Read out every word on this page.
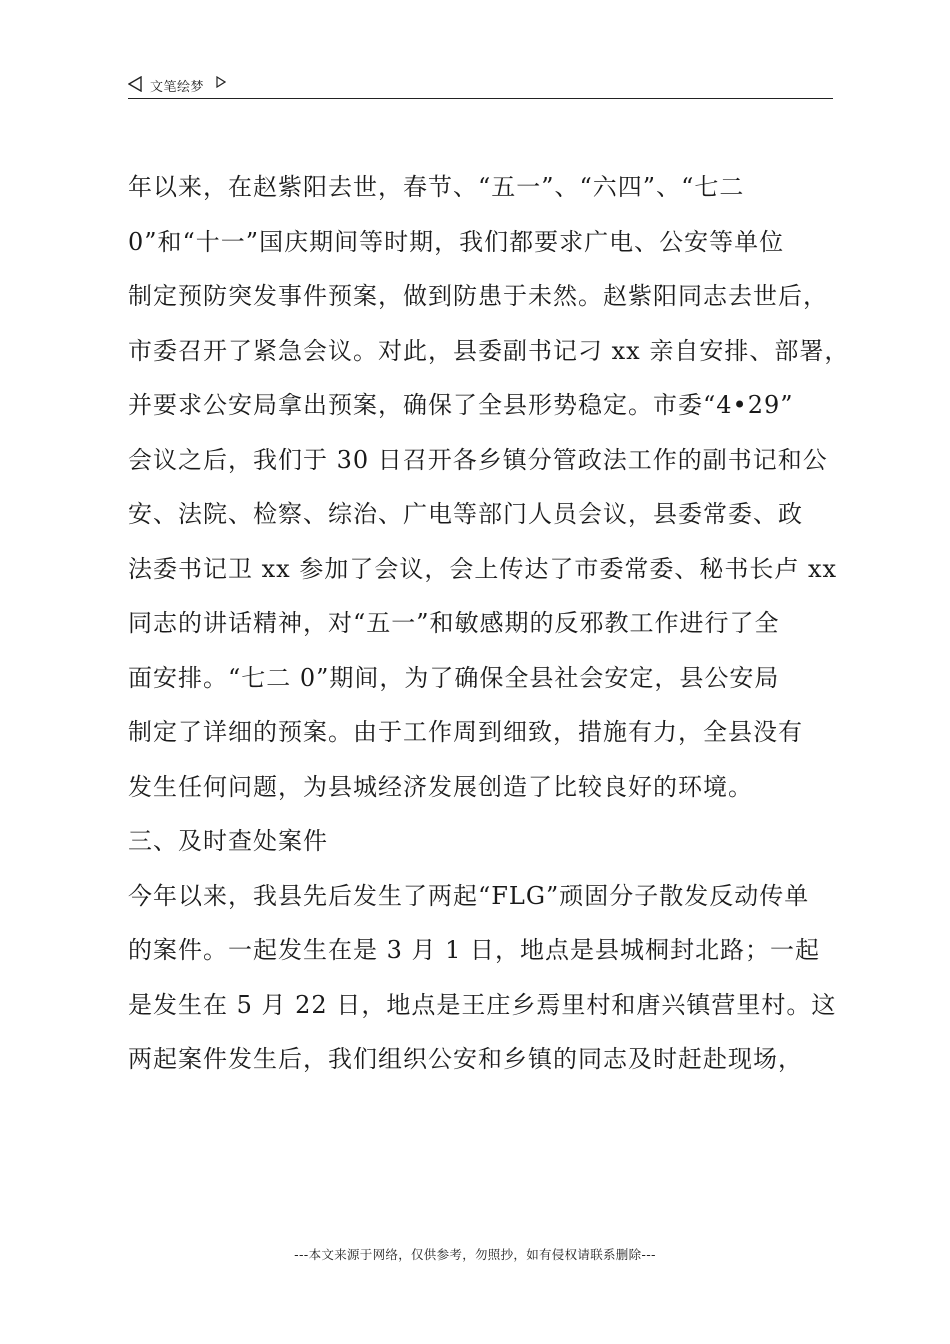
文笔绘梦
年以来，在赵紫阳去世，春节、“五一”、“六四”、“七二
0”和“十一”国庆期间等时期，我们都要求广电、公安等单位
制定预防突发事件预案，做到防患于未然。赵紫阳同志去世后，
市委召开了紧急会议。对此，县委副书记刁 xx 亲自安排、部署，
并要求公安局拿出预案，确保了全县形势稳定。市委“4•29”
会议之后，我们于 30 日召开各乡镇分管政法工作的副书记和公
安、法院、检察、综治、广电等部门人员会议，县委常委、政
法委书记卫 xx 参加了会议，会上传达了市委常委、秘书长卢 xx
同志的讲话精神，对“五一”和敏感期的反邪教工作进行了全
面安排。“七二 0”期间，为了确保全县社会安定，县公安局
制定了详细的预案。由于工作周到细致，措施有力，全县没有
发生任何问题，为县城经济发展创造了比较良好的环境。
三、及时查处案件
今年以来，我县先后发生了两起“FLG”顽固分子散发反动传单
的案件。一起发生在是 3 月 1 日，地点是县城桐封北路；一起
是发生在 5 月 22 日，地点是王庄乡焉里村和唐兴镇营里村。这
两起案件发生后，我们组织公安和乡镇的同志及时赶赴现场，
---本文来源于网络，仅供参考，勿照抄，如有侵权请联系删除---
